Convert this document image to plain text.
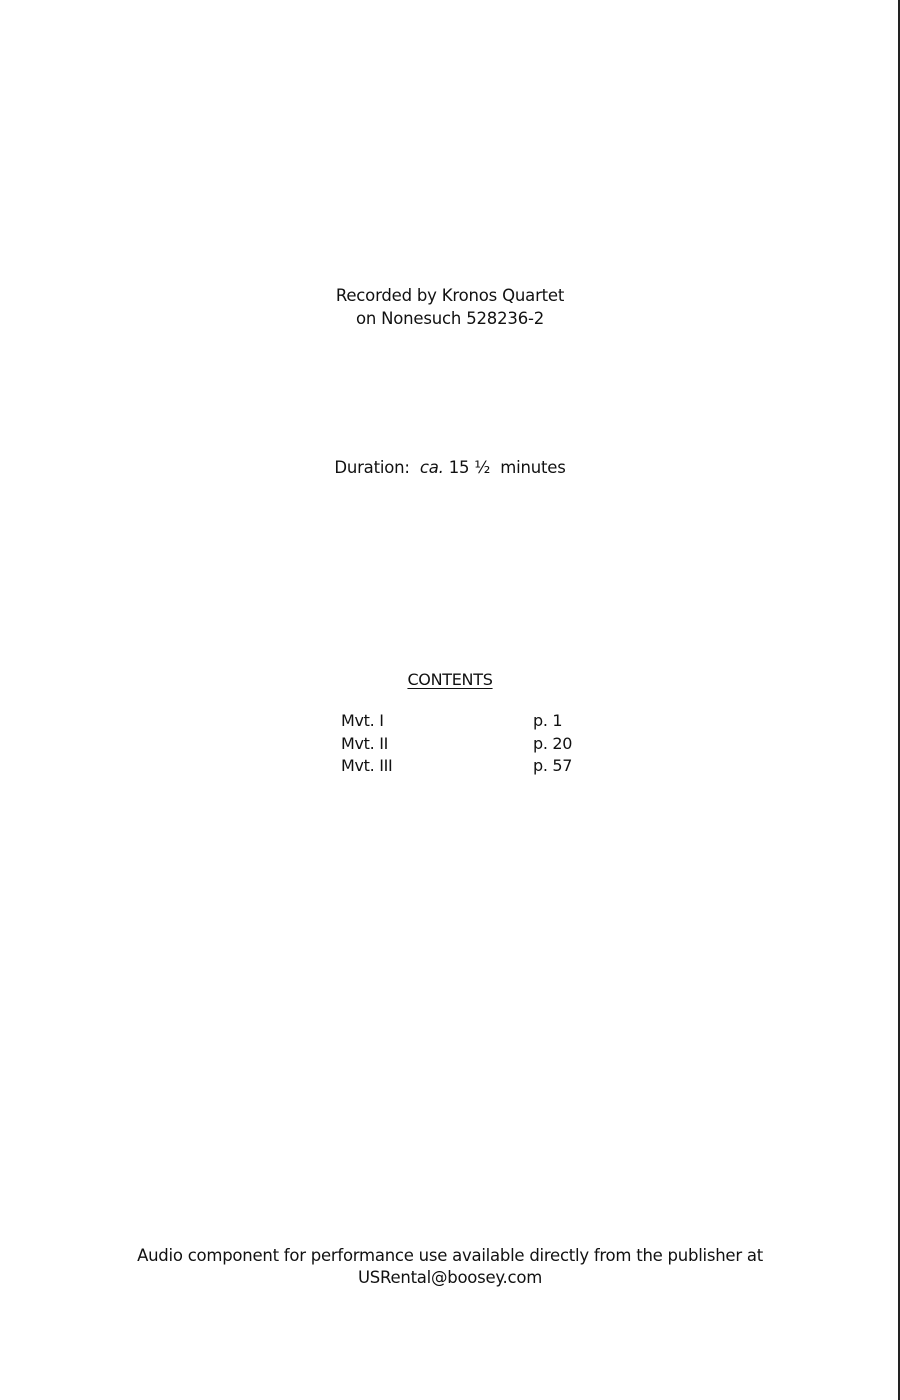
Recorded by Kronos Quartet
on Nonesuch 528236-2
Duration: ca. 15 ½  minutes
CONTENTS
Mvt. I	p. 1
Mvt. II	p. 20
Mvt. III	p. 57
Audio component for performance use available directly from the publisher at
USRental@boosey.com
